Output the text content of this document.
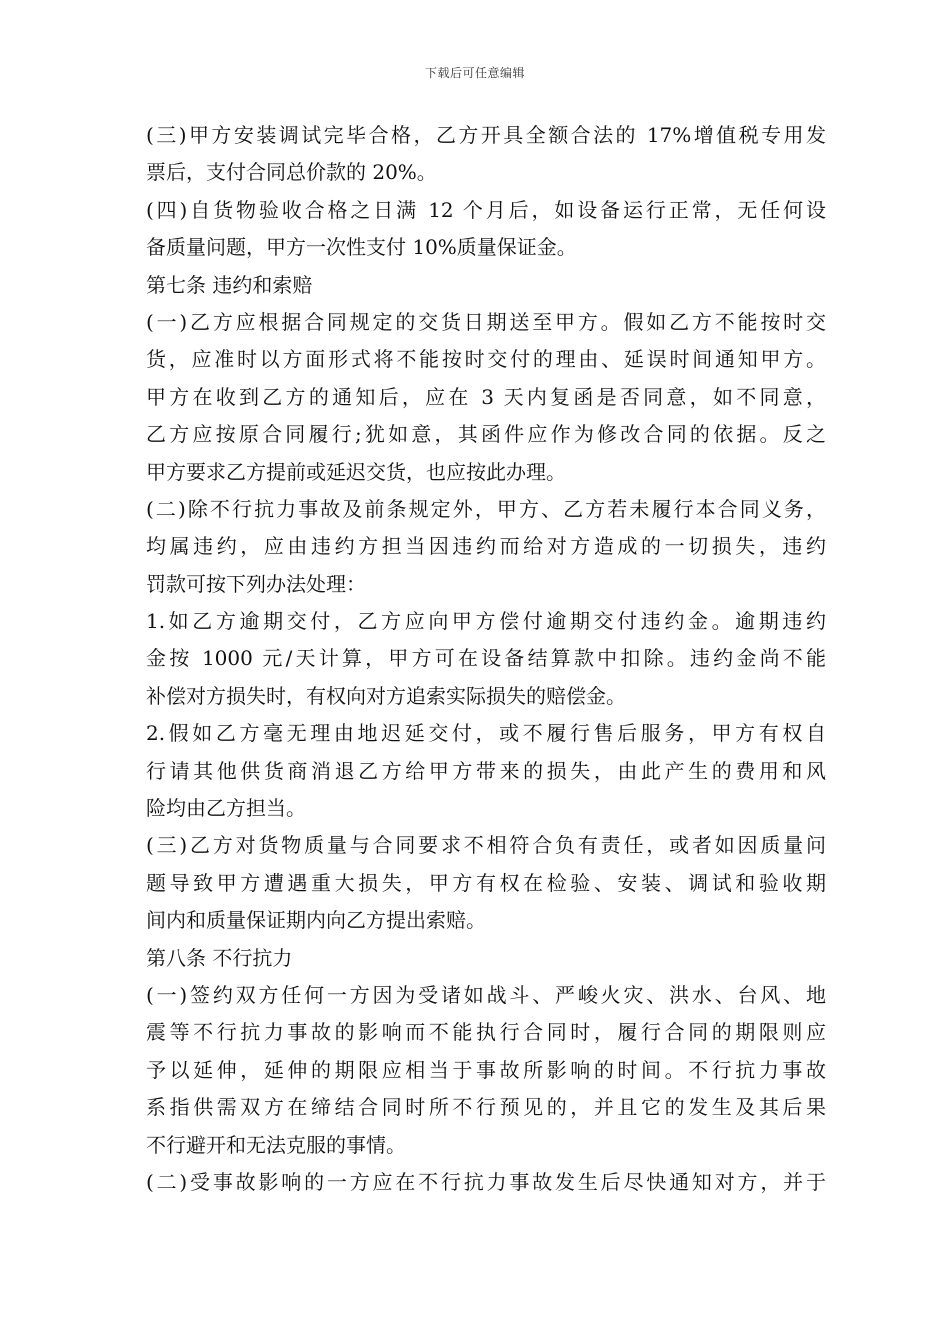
下载后可任意编辑
(三)甲方安装调试完毕合格，乙方开具全额合法的 17%增值税专用发
票后，支付合同总价款的 20%。
(四)自货物验收合格之日满 12 个月后，如设备运行正常，无任何设
备质量问题，甲方一次性支付 10%质量保证金。
第七条 违约和索赔
(一)乙方应根据合同规定的交货日期送至甲方。假如乙方不能按时交
货，应准时以方面形式将不能按时交付的理由、延误时间通知甲方。
甲方在收到乙方的通知后，应在 3 天内复函是否同意，如不同意，
乙方应按原合同履行;犹如意，其函件应作为修改合同的依据。反之
甲方要求乙方提前或延迟交货，也应按此办理。
(二)除不行抗力事故及前条规定外，甲方、乙方若未履行本合同义务，
均属违约，应由违约方担当因违约而给对方造成的一切损失，违约
罚款可按下列办法处理：
1.如乙方逾期交付，乙方应向甲方偿付逾期交付违约金。逾期违约
金按 1000 元/天计算，甲方可在设备结算款中扣除。违约金尚不能
补偿对方损失时，有权向对方追索实际损失的赔偿金。
2.假如乙方毫无理由地迟延交付，或不履行售后服务，甲方有权自
行请其他供货商消退乙方给甲方带来的损失，由此产生的费用和风
险均由乙方担当。
(三)乙方对货物质量与合同要求不相符合负有责任，或者如因质量问
题导致甲方遭遇重大损失，甲方有权在检验、安装、调试和验收期
间内和质量保证期内向乙方提出索赔。
第八条 不行抗力
(一)签约双方任何一方因为受诸如战斗、严峻火灾、洪水、台风、地
震等不行抗力事故的影响而不能执行合同时，履行合同的期限则应
予以延伸，延伸的期限应相当于事故所影响的时间。不行抗力事故
系指供需双方在缔结合同时所不行预见的，并且它的发生及其后果
不行避开和无法克服的事情。
(二)受事故影响的一方应在不行抗力事故发生后尽快通知对方，并于
